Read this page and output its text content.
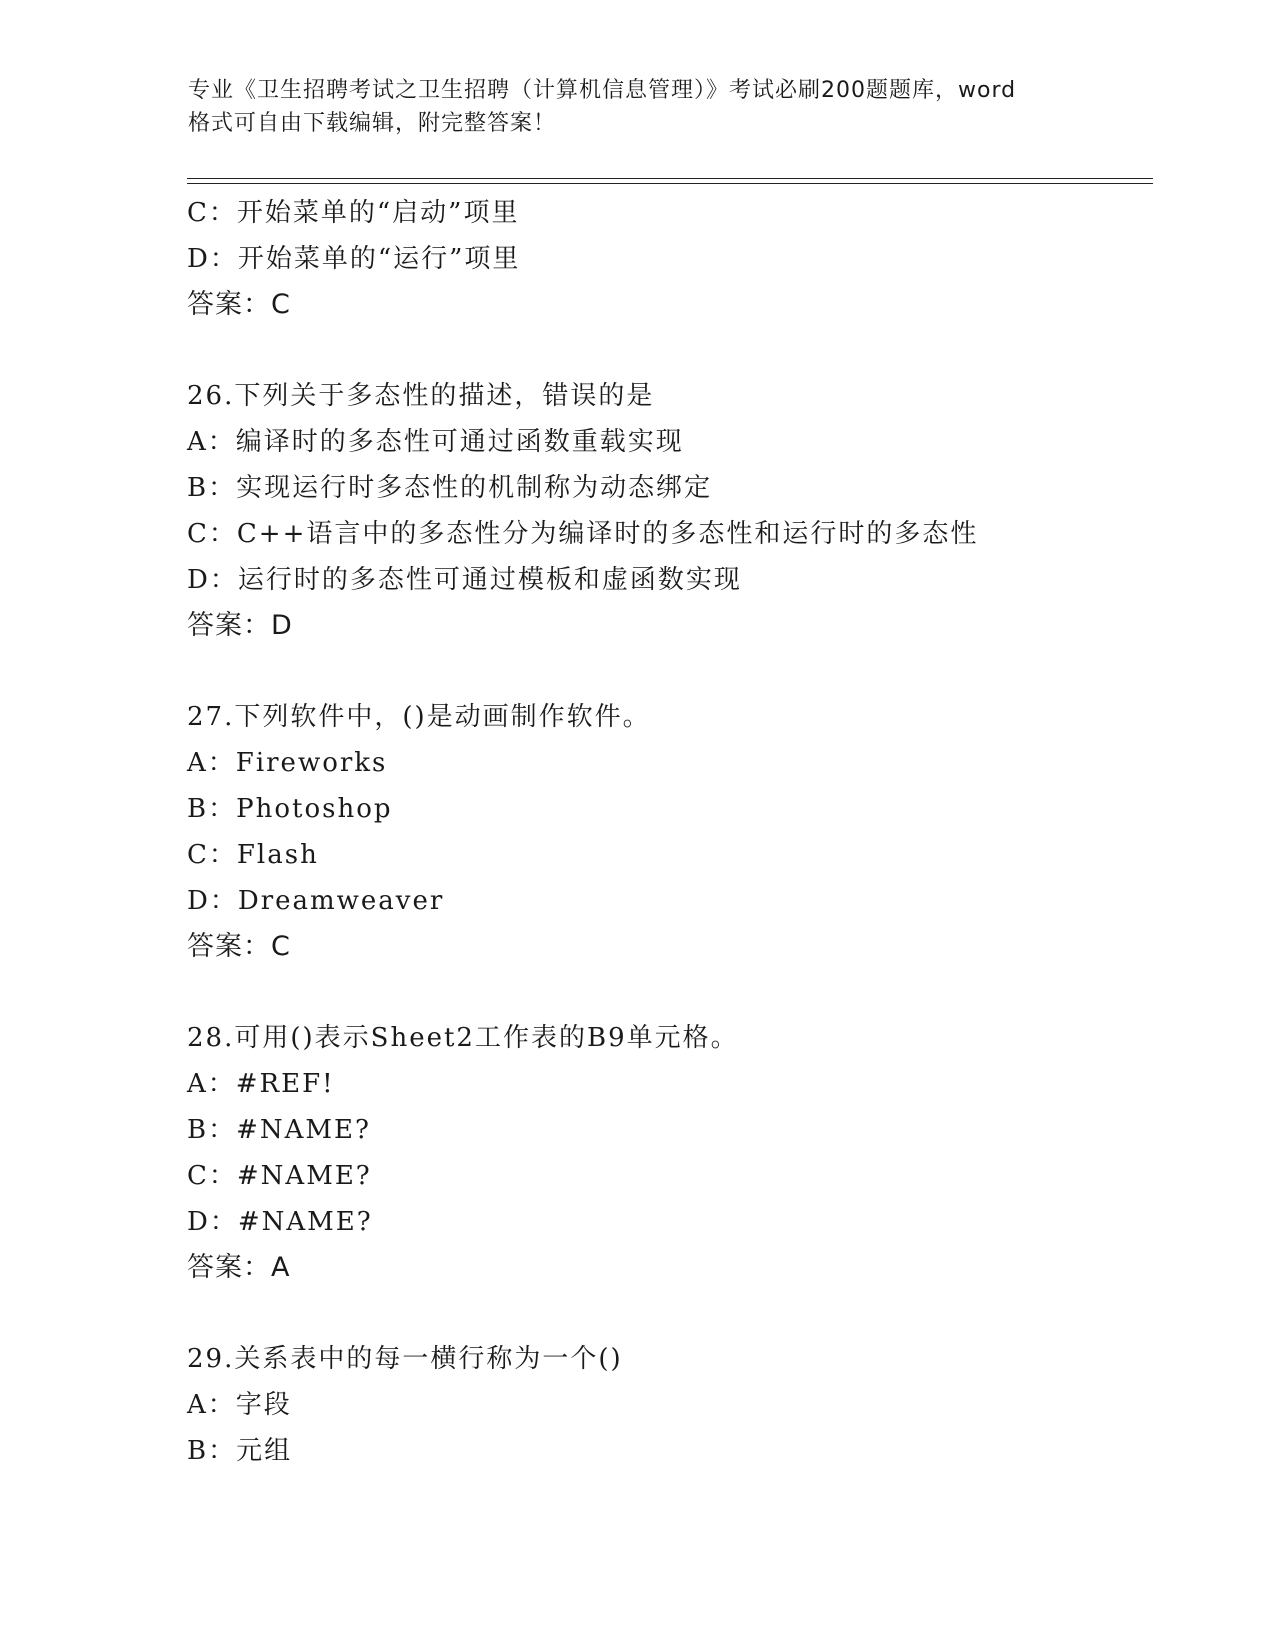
专业《卫生招聘考试之卫生招聘（计算机信息管理）》考试必刷200题题库，word

格式可自由下载编辑，附完整答案！

C：开始菜单的“启动”项里
D：开始菜单的“运行”项里
答案：C
26.下列关于多态性的描述，错误的是
A：编译时的多态性可通过函数重载实现
B：实现运行时多态性的机制称为动态绑定
C：C++语言中的多态性分为编译时的多态性和运行时的多态性
D：运行时的多态性可通过模板和虚函数实现
答案：D
27.下列软件中，()是动画制作软件。
A：Fireworks
B：Photoshop
C：Flash
D：Dreamweaver
答案：C
28.可用()表示Sheet2工作表的B9单元格。
A：#REF!
B：#NAME?
C：#NAME?
D：#NAME?
答案：A
29.关系表中的每一横行称为一个()
A：字段
B：元组
